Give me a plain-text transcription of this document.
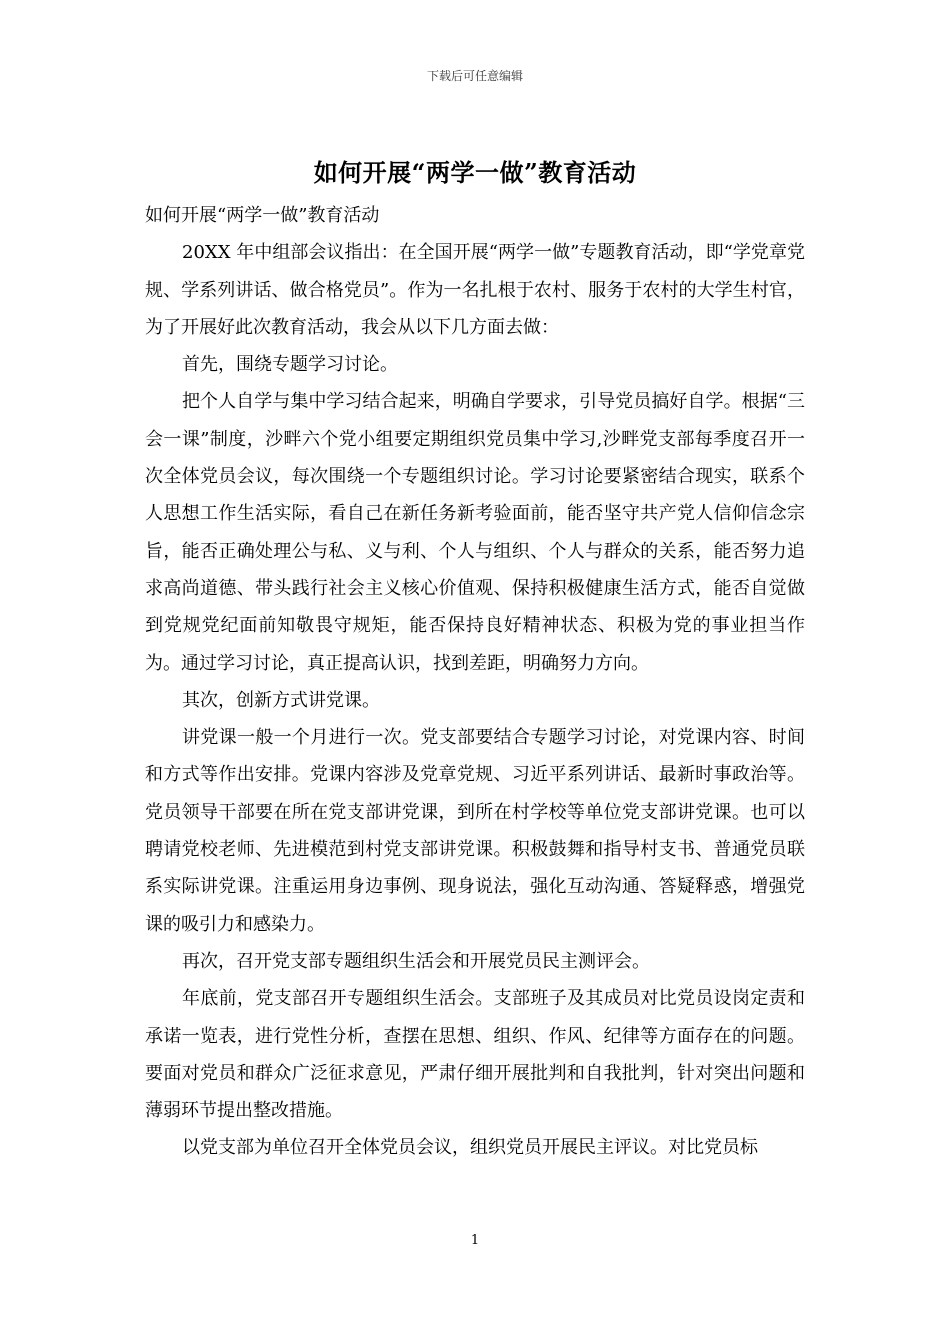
下载后可任意编辑
如何开展“两学一做”教育活动

如何开展“两学一做”教育活动

20XX 年中组部会议指出：在全国开展“两学一做”专题教育活动，即“学党章党规、学系列讲话、做合格党员”。作为一名扎根于农村、服务于农村的大学生村官，为了开展好此次教育活动，我会从以下几方面去做：

首先，围绕专题学习讨论。

把个人自学与集中学习结合起来，明确自学要求，引导党员搞好自学。根据“三会一课”制度，沙畔六个党小组要定期组织党员集中学习,沙畔党支部每季度召开一次全体党员会议，每次围绕一个专题组织讨论。学习讨论要紧密结合现实，联系个人思想工作生活实际，看自己在新任务新考验面前，能否坚守共产党人信仰信念宗旨，能否正确处理公与私、义与利、个人与组织、个人与群众的关系，能否努力追求高尚道德、带头践行社会主义核心价值观、保持积极健康生活方式，能否自觉做到党规党纪面前知敬畏守规矩，能否保持良好精神状态、积极为党的事业担当作为。通过学习讨论，真正提高认识，找到差距，明确努力方向。

其次，创新方式讲党课。

讲党课一般一个月进行一次。党支部要结合专题学习讨论，对党课内容、时间和方式等作出安排。党课内容涉及党章党规、习近平系列讲话、最新时事政治等。党员领导干部要在所在党支部讲党课，到所在村学校等单位党支部讲党课。也可以聘请党校老师、先进模范到村党支部讲党课。积极鼓舞和指导村支书、普通党员联系实际讲党课。注重运用身边事例、现身说法，强化互动沟通、答疑释惑，增强党课的吸引力和感染力。

再次，召开党支部专题组织生活会和开展党员民主测评会。

年底前，党支部召开专题组织生活会。支部班子及其成员对比党员设岗定责和承诺一览表，进行党性分析，查摆在思想、组织、作风、纪律等方面存在的问题。要面对党员和群众广泛征求意见，严肃仔细开展批判和自我批判，针对突出问题和薄弱环节提出整改措施。

以党支部为单位召开全体党员会议，组织党员开展民主评议。对比党员标

1
